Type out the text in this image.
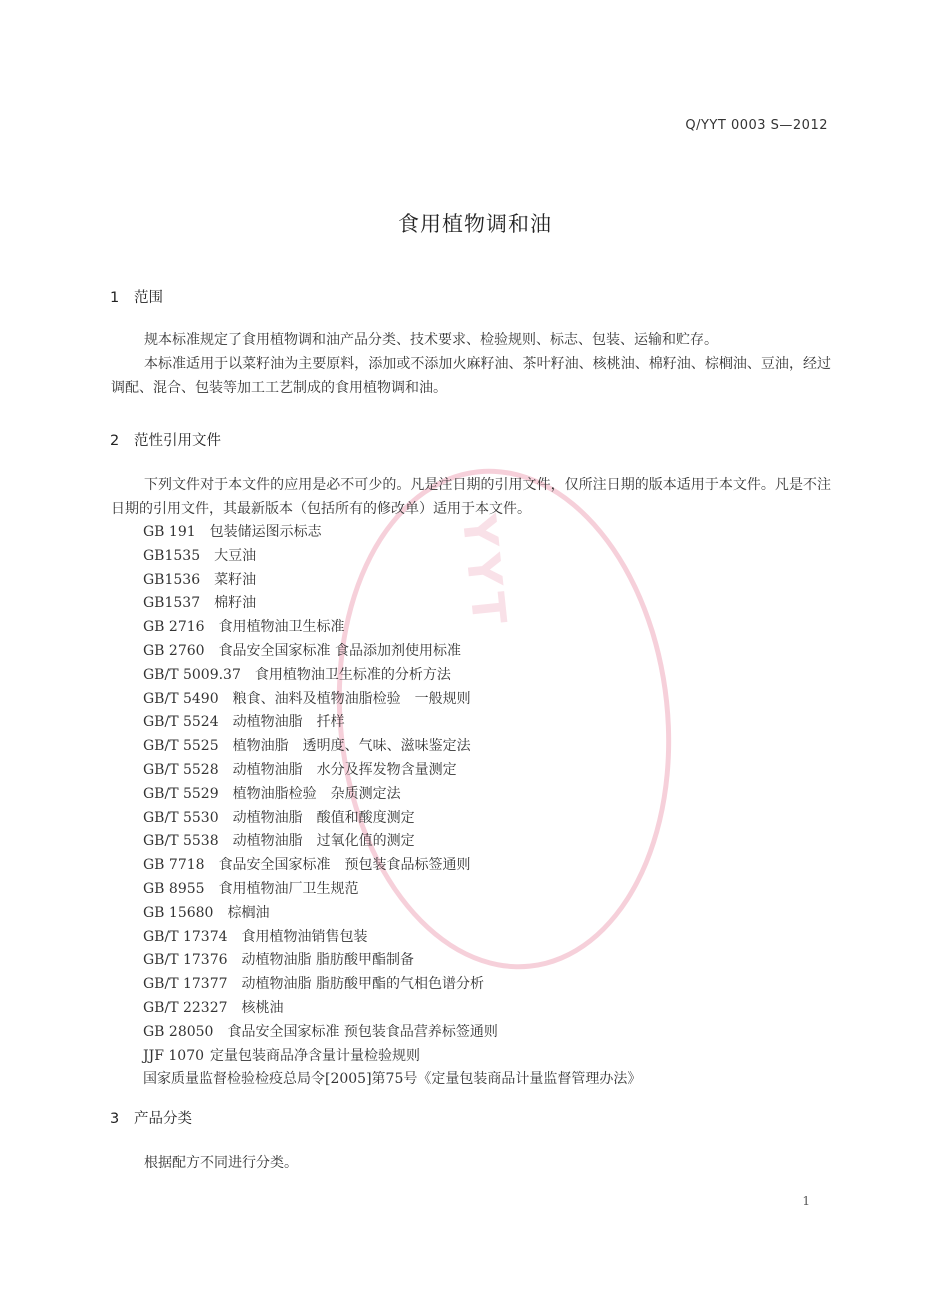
YYT
Q/YYT 0003 S—2012
食用植物调和油
1 范围
规本标准规定了食用植物调和油产品分类、技术要求、检验规则、标志、包装、运输和贮存。
本标准适用于以菜籽油为主要原料，添加或不添加火麻籽油、茶叶籽油、核桃油、棉籽油、棕榈油、豆油，经过调配、混合、包装等加工工艺制成的食用植物调和油。
2 范性引用文件
下列文件对于本文件的应用是必不可少的。凡是注日期的引用文件，仅所注日期的版本适用于本文件。凡是不注日期的引用文件，其最新版本（包括所有的修改单）适用于本文件。
GB 191 包装储运图示标志
GB1535 大豆油
GB1536 菜籽油
GB1537 棉籽油
GB 2716 食用植物油卫生标准
GB 2760 食品安全国家标准 食品添加剂使用标准
GB/T 5009.37 食用植物油卫生标准的分析方法
GB/T 5490 粮食、油料及植物油脂检验　一般规则
GB/T 5524 动植物油脂　扦样
GB/T 5525 植物油脂　透明度、气味、滋味鉴定法
GB/T 5528 动植物油脂　水分及挥发物含量测定
GB/T 5529 植物油脂检验　杂质测定法
GB/T 5530 动植物油脂　酸值和酸度测定
GB/T 5538 动植物油脂　过氧化值的测定
GB 7718 食品安全国家标准　预包装食品标签通则
GB 8955 食用植物油厂卫生规范
GB 15680 棕榈油
GB/T 17374 食用植物油销售包装
GB/T 17376 动植物油脂 脂肪酸甲酯制备
GB/T 17377 动植物油脂 脂肪酸甲酯的气相色谱分析
GB/T 22327 核桃油
GB 28050 食品安全国家标准 预包装食品营养标签通则
JJF 1070 定量包装商品净含量计量检验规则
国家质量监督检验检疫总局令[2005]第75号《定量包装商品计量监督管理办法》
3 产品分类
根据配方不同进行分类。
1
